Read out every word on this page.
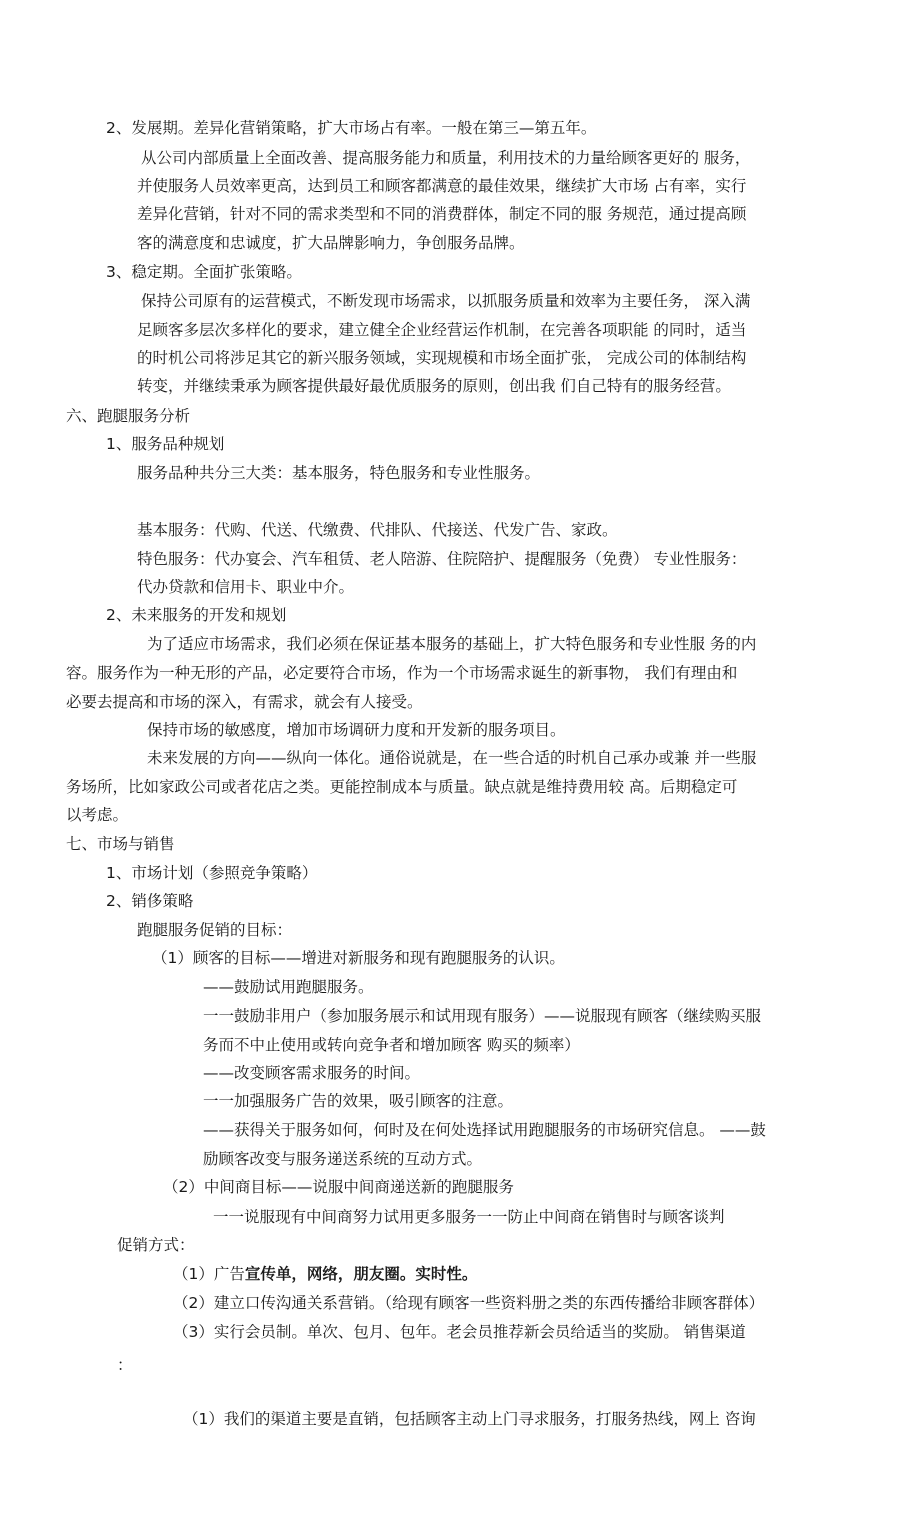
2、发展期。差异化营销策略，扩大市场占有率。一般在第三—第五年。
从公司内部质量上全面改善、提高服务能力和质量，利用技术的力量给顾客更好的 服务，
并使服务人员效率更高，达到员工和顾客都满意的最佳效果，继续扩大市场 占有率，实行
差异化营销，针对不同的需求类型和不同的消费群体，制定不同的服 务规范，通过提高顾
客的满意度和忠诚度，扩大品牌影响力，争创服务品牌。
3、稳定期。全面扩张策略。
保持公司原有的运营模式，不断发现市场需求，以抓服务质量和效率为主要任务， 深入满
足顾客多层次多样化的要求，建立健全企业经营运作机制，在完善各项职能 的同时，适当
的时机公司将涉足其它的新兴服务领域，实现规模和市场全面扩张， 完成公司的体制结构
转变，并继续秉承为顾客提供最好最优质服务的原则，创出我 们自己特有的服务经营。
六、跑腿服务分析
1、服务品种规划
服务品种共分三大类：基本服务，特色服务和专业性服务。
基本服务：代购、代送、代缴费、代排队、代接送、代发广告、家政。
特色服务：代办宴会、汽车租赁、老人陪游、住院陪护、提醒服务（免费） 专业性服务：
代办贷款和信用卡、职业中介。
2、未来服务的开发和规划
为了适应市场需求，我们必须在保证基本服务的基础上，扩大特色服务和专业性服 务的内
容。服务作为一种无形的产品，必定要符合市场，作为一个市场需求诞生的新事物， 我们有理由和
必要去提高和市场的深入，有需求，就会有人接受。
保持市场的敏感度，增加市场调研力度和开发新的服务项目。
未来发展的方向——纵向一体化。通俗说就是，在一些合适的时机自己承办或兼 并一些服
务场所，比如家政公司或者花店之类。更能控制成本与质量。缺点就是维持费用较 高。后期稳定可
以考虑。
七、市场与销售
1、市场计划（参照竞争策略）
2、销侈策略
跑腿服务促销的目标：
（1）顾客的目标——增进对新服务和现有跑腿服务的认识。
——鼓励试用跑腿服务。
一一鼓励非用户（参加服务展示和试用现有服务）——说服现有顾客（继续购买服
务而不中止使用或转向竞争者和增加顾客 购买的频率）
——改变顾客需求服务的时间。
一一加强服务广告的效果，吸引顾客的注意。
——获得关于服务如何，何时及在何处选择试用跑腿服务的市场研究信息。 ——鼓
励顾客改变与服务递送系统的互动方式。
（2）中间商目标——说服中间商递送新的跑腿服务
一一说服现有中间商努力试用更多服务一一防止中间商在销售时与顾客谈判
促销方式：
（1）广告宣传单，网络，朋友圈。实时性。
（2）建立口传沟通关系营销。（给现有顾客一些资料册之类的东西传播给非顾客群体）
（3）实行会员制。单次、包月、包年。老会员推荐新会员给适当的奖励。 销售渠道
：
（1）我们的渠道主要是直销，包括顾客主动上门寻求服务，打服务热线，网上 咨询
